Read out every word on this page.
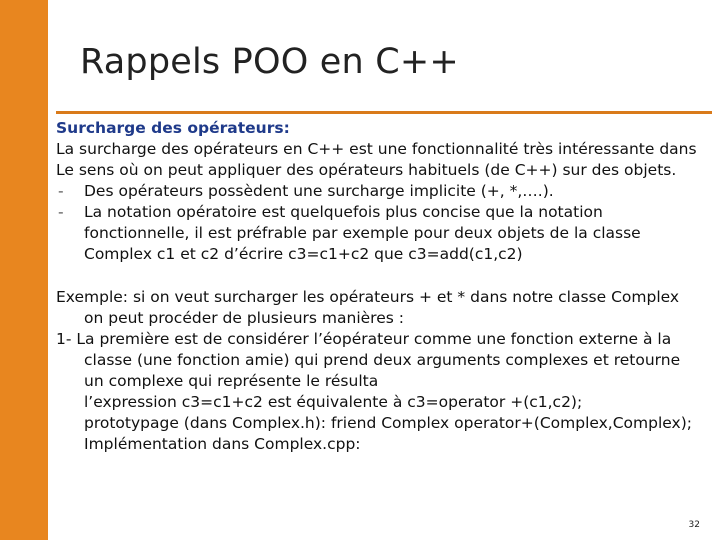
Rappels POO en C++
Surcharge des opérateurs:
La surcharge des opérateurs en C++ est une fonctionnalité très intéressante dans
Le sens où on peut appliquer des opérateurs habituels (de C++) sur des objets.
- Des opérateurs possèdent une surcharge implicite (+, *,….).
- La notation opératoire est quelquefois plus concise que la notation
fonctionnelle, il est préfrable par exemple pour deux objets de la classe
Complex c1 et c2 d’écrire c3=c1+c2 que c3=add(c1,c2)
Exemple: si on veut surcharger les opérateurs + et * dans notre classe Complex
on peut procéder de plusieurs manières :
1- La première est de considérer l’éopérateur comme une fonction externe à la
classe (une fonction amie) qui prend deux arguments complexes et retourne
un complexe qui représente le résulta
l’expression c3=c1+c2 est équivalente à c3=operator +(c1,c2);
prototypage (dans Complex.h): friend Complex operator+(Complex,Complex);
Implémentation dans Complex.cpp:
32
